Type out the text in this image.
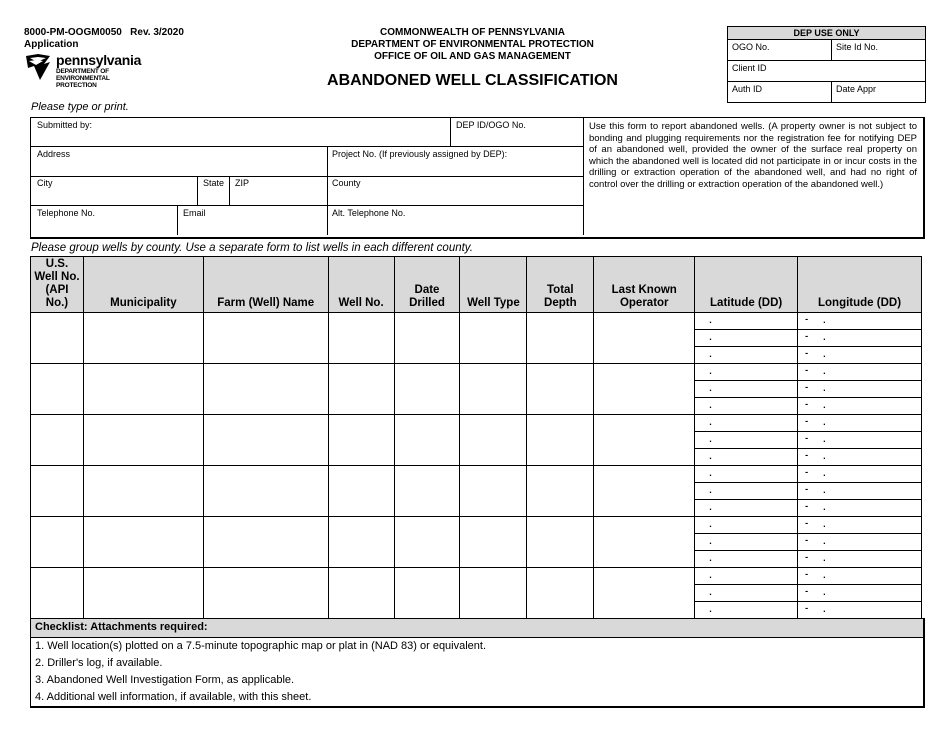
8000-PM-OOGM0050 Rev. 3/2020
Application
pennsylvania
DEPARTMENT OF ENVIRONMENTAL
PROTECTION
COMMONWEALTH OF PENNSYLVANIA
DEPARTMENT OF ENVIRONMENTAL PROTECTION
OFFICE OF OIL AND GAS MANAGEMENT
ABANDONED WELL CLASSIFICATION
DEP USE ONLY	
OGO No.	Site Id No.
Client ID	
Auth ID	Date Appr
Please type or print.
Submitted by:	DEP ID/OGO No.
Address	Project No. (If previously assigned by DEP):
City	State ZIP	County
Telephone No.	Email	Alt. Telephone No.
Use this form to report abandoned wells. (A property owner is not subject to bonding and plugging requirements nor the registration fee for notifying DEP of an abandoned well, provided the owner of the surface real property on which the abandoned well is located did not participate in or incur costs in the drilling or extraction operation of the abandoned well, and had no right of control over the drilling or extraction operation of the abandoned well.)
Please group wells by county. Use a separate form to list wells in each different county.
U.S. Well No. (API No.)	Municipality	Farm (Well) Name	Well No.	Date Drilled	Well Type	Total Depth	Last Known Operator	Latitude (DD)	Longitude (DD)

								.	- .

								.	- .

								.	- .

								.	- .

								.	- .

								.	- .

								.	- .

								.	- .

								.	- .

								.	- .

								.	- .

								.	- .

								.	- .

								.	- .

								.	- .

								.	- .

								.	- .

								.	- .
Checklist: Attachments required:
1. Well location(s) plotted on a 7.5-minute topographic map or plat in (NAD 83) or equivalent.
2. Driller's log, if available.
3. Abandoned Well Investigation Form, as applicable.
4. Additional well information, if available, with this sheet.
